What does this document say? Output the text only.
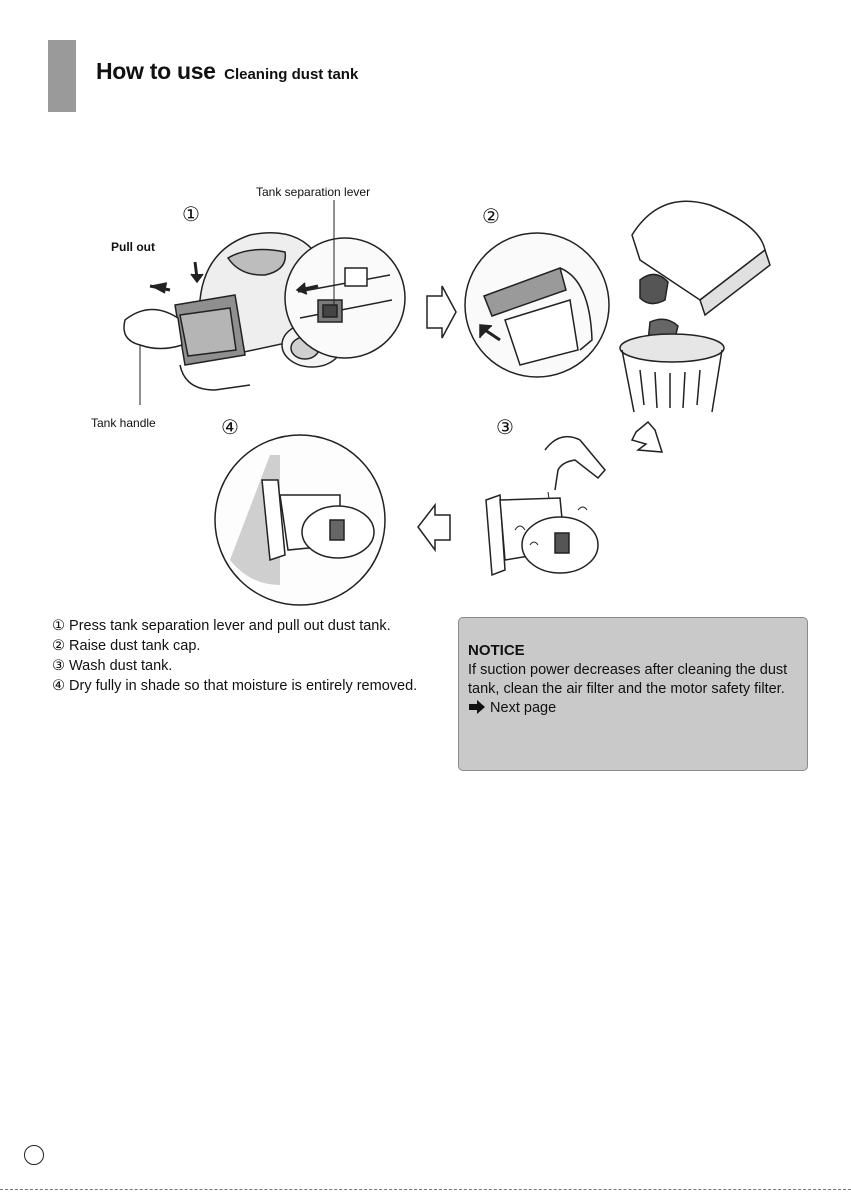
How to use Cleaning dust tank
Tank separation lever
Pull out
Tank handle
①	②
④	③
① Press tank separation lever and pull out dust tank.
② Raise dust tank cap.
③ Wash dust tank.
④ Dry fully in shade so that moisture is entirely removed.
NOTICE
If suction power decreases after cleaning the dust tank, clean the air filter and the motor safety filter.  Next page
